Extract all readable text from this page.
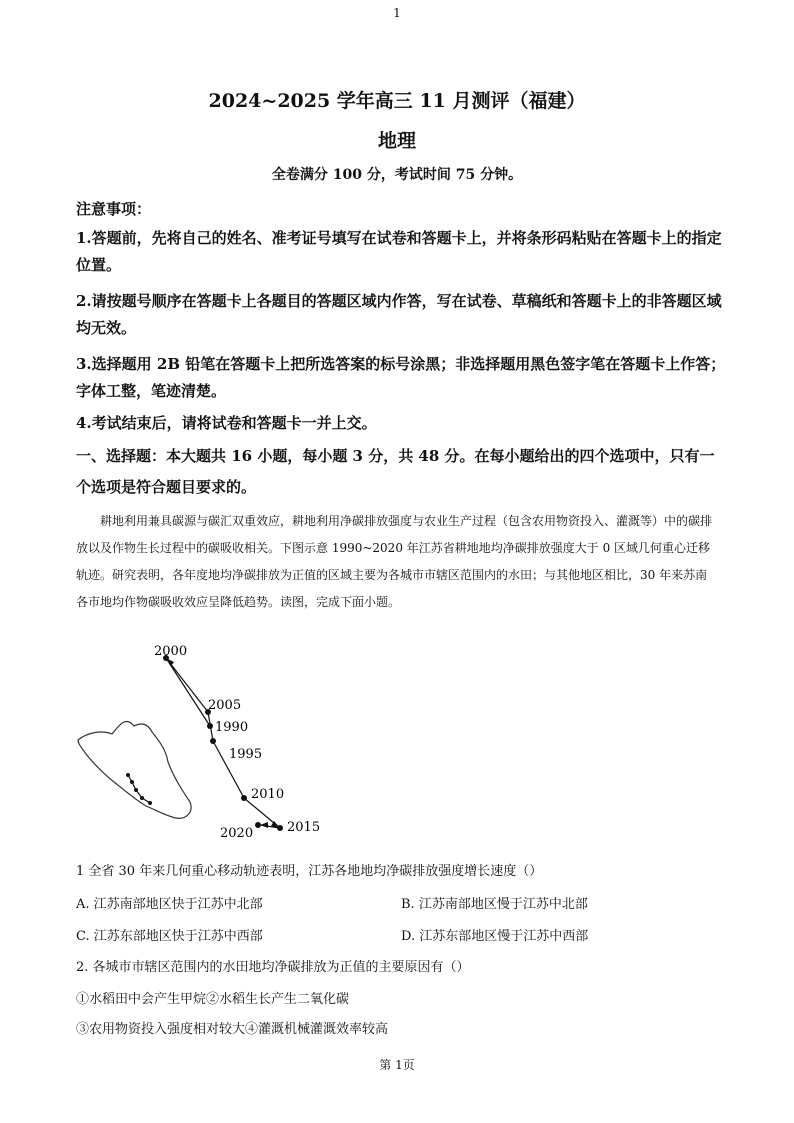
1
2024~2025 学年高三 11 月测评（福建）
地理
全卷满分 100 分，考试时间 75 分钟。
注意事项：
1.答题前，先将自己的姓名、准考证号填写在试卷和答题卡上，并将条形码粘贴在答题卡上的指定位置。
2.请按题号顺序在答题卡上各题目的答题区域内作答，写在试卷、草稿纸和答题卡上的非答题区域均无效。
3.选择题用 2B 铅笔在答题卡上把所选答案的标号涂黑；非选择题用黑色签字笔在答题卡上作答；字体工整，笔迹清楚。
4.考试结束后，请将试卷和答题卡一并上交。
一、选择题：本大题共 16 小题，每小题 3 分，共 48 分。在每小题给出的四个选项中，只有一个选项是符合题目要求的。
耕地利用兼具碳源与碳汇双重效应，耕地利用净碳排放强度与农业生产过程（包含农用物资投入、灌溉等）中的碳排放以及作物生长过程中的碳吸收相关。下图示意 1990~2020 年江苏省耕地地均净碳排放强度大于 0 区域几何重心迁移轨迹。研究表明，各年度地均净碳排放为正值的区域主要为各城市市辖区范围内的水田；与其他地区相比，30 年来苏南各市地均作物碳吸收效应呈降低趋势。读图，完成下面小题。
2000
2005
1990
1995
2010
2020	2015
1 全省 30 年来几何重心移动轨迹表明，江苏各地地均净碳排放强度增长速度（）
A. 江苏南部地区快于江苏中北部	B. 江苏南部地区慢于江苏中北部
C. 江苏东部地区快于江苏中西部	D. 江苏东部地区慢于江苏中西部
2. 各城市市辖区范围内的水田地均净碳排放为正值的主要原因有（）
①水稻田中会产生甲烷②水稻生长产生二氧化碳
③农用物资投入强度相对较大④灌溉机械灌溉效率较高
第 1页
